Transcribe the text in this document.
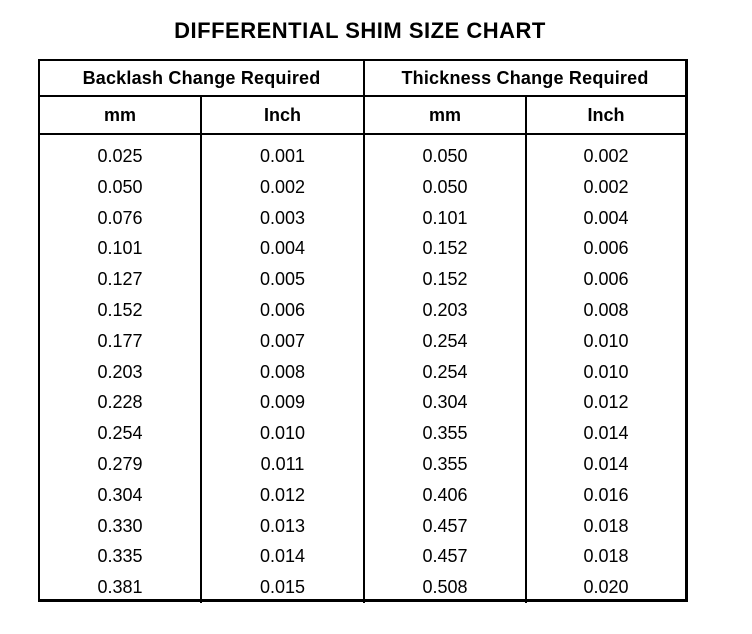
DIFFERENTIAL SHIM SIZE CHART
Backlash Change Required		Thickness Change Required	
mm	Inch	mm	Inch
0.025	0.001	0.050	0.002
0.050	0.002	0.050	0.002
0.076	0.003	0.101	0.004
0.101	0.004	0.152	0.006
0.127	0.005	0.152	0.006
0.152	0.006	0.203	0.008
0.177	0.007	0.254	0.010
0.203	0.008	0.254	0.010
0.228	0.009	0.304	0.012
0.254	0.010	0.355	0.014
0.279	0.011	0.355	0.014
0.304	0.012	0.406	0.016
0.330	0.013	0.457	0.018
0.335	0.014	0.457	0.018
0.381	0.015	0.508	0.020
